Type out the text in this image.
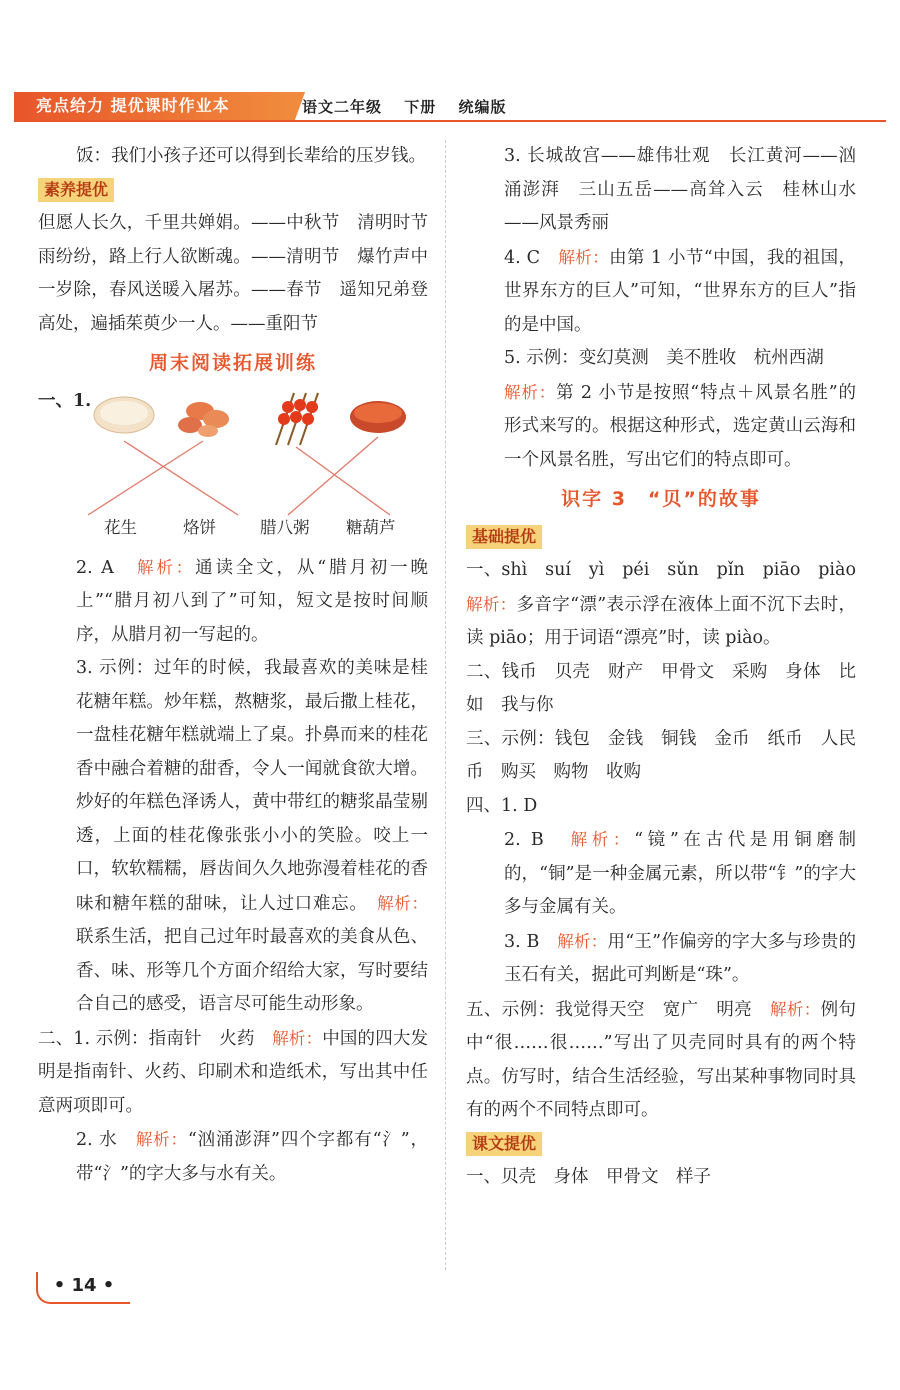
亮点给力 提优课时作业本	语文二年级 下册 统编版

饭：我们小孩子还可以得到长辈给的压岁钱。

素养提优

但愿人长久，千里共婵娟。——中秋节　清明时节雨纷纷，路上行人欲断魂。——清明节　爆竹声中一岁除，春风送暖入屠苏。——春节　遥知兄弟登高处，遍插茱萸少一人。——重阳节

周末阅读拓展训练
一、1.
花生	烙饼	腊八粥 糖葫芦

2. A　 解析：通读全文，从“腊月初一晚上”“腊月初八到了”可知，短文是按时间顺序，从腊月初一写起的。

3. 示例：过年的时候，我最喜欢的美味是桂花糖年糕。炒年糕，熬糖浆，最后撒上桂花，一盘桂花糖年糕就端上了桌。扑鼻而来的桂花香中融合着糖的甜香，令人一闻就食欲大增。炒好的年糕色泽诱人，黄中带红的糖浆晶莹剔透，上面的桂花像张张小小的笑脸。咬上一口，软软糯糯，唇齿间久久地弥漫着桂花的香味和糖年糕的甜味，让人过口难忘。　 解析：联系生活，把自己过年时最喜欢的美食从色、香、味、形等几个方面介绍给大家，写时要结合自己的感受，语言尽可能生动形象。

二、1. 示例：指南针　火药　 解析：中国的四大发明是指南针、火药、印刷术和造纸术，写出其中任意两项即可。

2. 水　 解析：“汹涌澎湃”四个字都有“氵”，带“氵”的字大多与水有关。

3. 长城故宫——雄伟壮观　长江黄河——汹涌澎湃　三山五岳——高耸入云　桂林山水——风景秀丽

4. C　 解析：由第 1 小节“中国，我的祖国，世界东方的巨人”可知，“世界东方的巨人”指的是中国。

5. 示例：变幻莫测　美不胜收　杭州西湖
解析：第 2 小节是按照“特点＋风景名胜”的形式来写的。根据这种形式，选定黄山云海和一个风景名胜，写出它们的特点即可。

识字 3　“贝”的故事
基础提优

一、shì　suí　yì　péi　sǔn　pǐn　piāo　piào　解析：多音字“漂”表示浮在液体上面不沉下去时，读 piāo；用于词语“漂亮”时，读 piào。

二、钱币　贝壳　财产　甲骨文　采购　身体　比如　我与你

三、示例：钱包　金钱　铜钱　金币　纸币　人民币　购买　购物　收购

四、1. D

2. B　 解析：“镜”在古代是用铜磨制的，“铜”是一种金属元素，所以带“钅”的字大多与金属有关。

3. B　 解析：用“王”作偏旁的字大多与珍贵的玉石有关，据此可判断是“珠”。

五、示例：我觉得天空　宽广　明亮　 解析：例句中“很……很……”写出了贝壳同时具有的两个特点。仿写时，结合生活经验，写出某种事物同时具有的两个不同特点即可。

课文提优

一、贝壳　身体　甲骨文　样子

• 14 •
